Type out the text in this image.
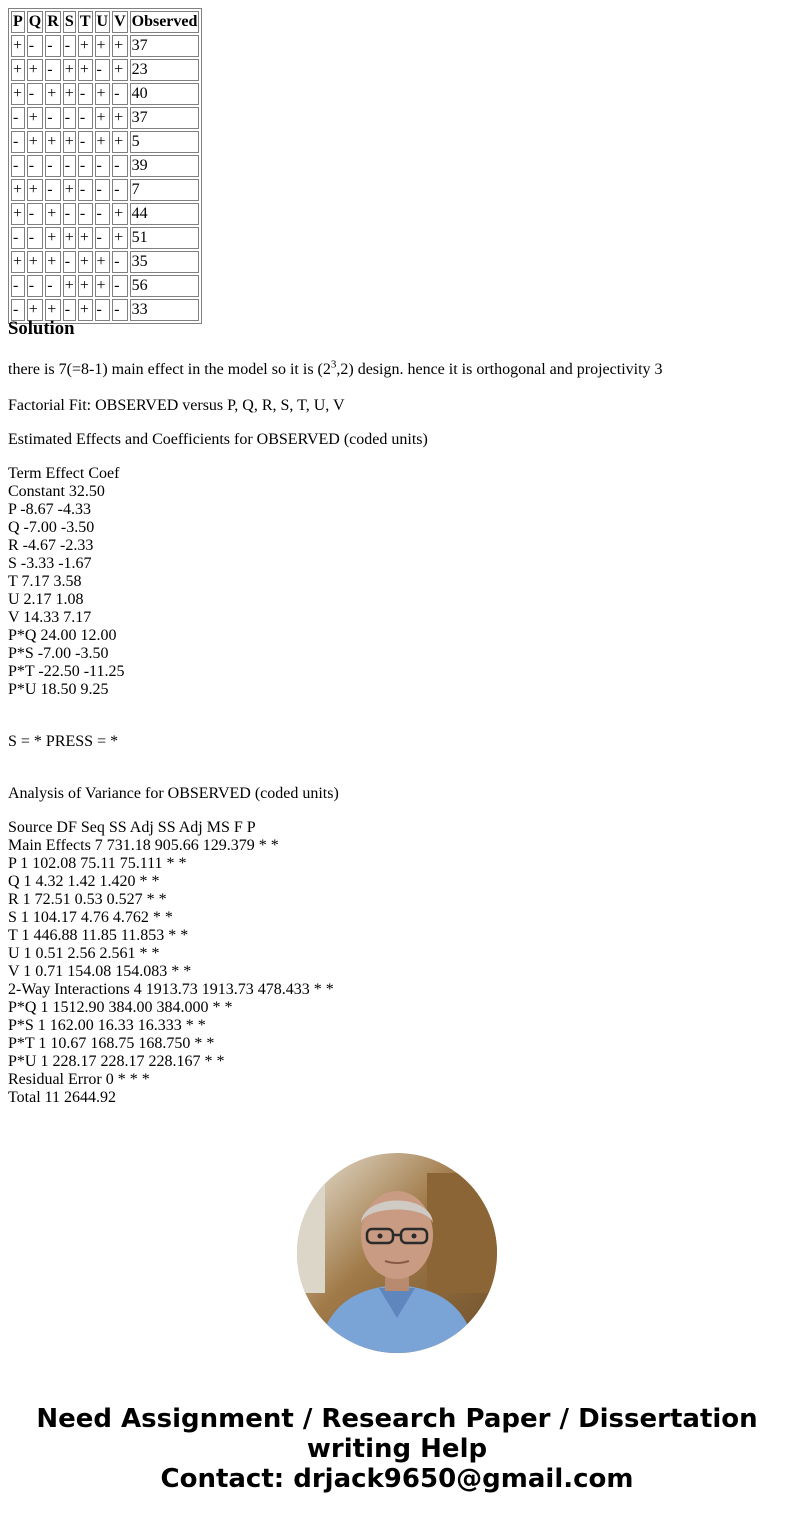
P	Q	R	S	T	U	V	Observed
+	-	-	-	+	+	+	37
+	+	-	+	+	-	+	23
+	-	+	+	-	+	-	40
-	+	-	-	-	+	+	37
-	+	+	+	-	+	+	5
-	-	-	-	-	-	-	39
+	+	-	+	-	-	-	7
+	-	+	-	-	-	+	44
-	-	+	+	+	-	+	51
+	+	+	-	+	+	-	35
-	-	-	+	+	+	-	56
-	+	+	-	+	-	-	33
Solution

there is 7(=8-1) main effect in the model so it is $(2^3,2)$ design. hence it is orthogonal and projectivity 3

Factorial Fit: OBSERVED versus P, Q, R, S, T, U, V

Estimated Effects and Coefficients for OBSERVED (coded units)

Term Effect Coef
Constant 32.50
P -8.67 -4.33
Q -7.00 -3.50
R -4.67 -2.33
S -3.33 -1.67
T 7.17 3.58
U 2.17 1.08
V 14.33 7.17
P*Q 24.00 12.00
P*S -7.00 -3.50
P*T -22.50 -11.25
P*U 18.50 9.25

S = * PRESS = *

Analysis of Variance for OBSERVED (coded units)

Source DF Seq SS Adj SS Adj MS F P
Main Effects 7 731.18 905.66 129.379 * *
P 1 102.08 75.11 75.111 * *
Q 1 4.32 1.42 1.420 * *
R 1 72.51 0.53 0.527 * *
S 1 104.17 4.76 4.762 * *
T 1 446.88 11.85 11.853 * *
U 1 0.51 2.56 2.561 * *
V 1 0.71 154.08 154.083 * *
2-Way Interactions 4 1913.73 1913.73 478.433 * *
P*Q 1 1512.90 384.00 384.000 * *
P*S 1 162.00 16.33 16.333 * *
P*T 1 10.67 168.75 168.750 * *
P*U 1 228.17 228.17 228.167 * *
Residual Error 0 * * *
Total 11 2644.92
Need Assignment / Research Paper / Dissertation
writing Help
Contact: drjack9650@gmail.com
